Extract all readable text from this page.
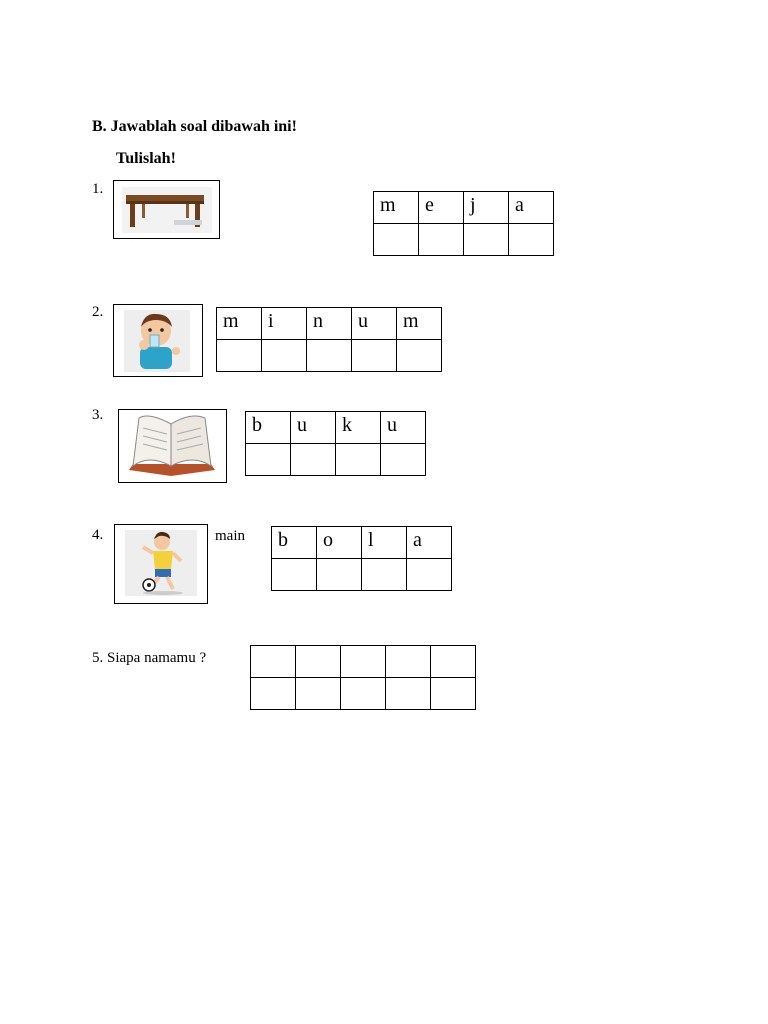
B. Jawablah soal dibawah ini!
Tulislah!
1.
m	e	j	a

2.	m	i	n	u	m

3.	b	u	k	u

4.	main b	o	l	a

5. Siapa namamu ?
